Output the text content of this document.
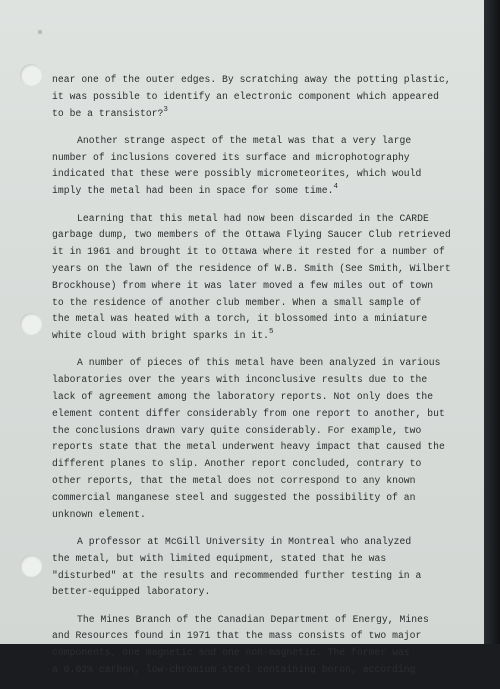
near one of the outer edges. By scratching away the potting plastic,
it was possible to identify an electronic component which appeared
to be a transistor?$^3$
Another strange aspect of the metal was that a very large
number of inclusions covered its surface and microphotography
indicated that these were possibly micrometeorites, which would
imply the metal had been in space for some time.$^4$
Learning that this metal had now been discarded in the CARDE
garbage dump, two members of the Ottawa Flying Saucer Club retrieved
it in 1961 and brought it to Ottawa where it rested for a number of
years on the lawn of the residence of W.B. Smith (See Smith, Wilbert
Brockhouse) from where it was later moved a few miles out of town
to the residence of another club member. When a small sample of
the metal was heated with a torch, it blossomed into a miniature
white cloud with bright sparks in it.$^5$
A number of pieces of this metal have been analyzed in various
laboratories over the years with inconclusive results due to the
lack of agreement among the laboratory reports. Not only does the
element content differ considerably from one report to another, but
the conclusions drawn vary quite considerably. For example, two
reports state that the metal underwent heavy impact that caused the
different planes to slip. Another report concluded, contrary to
other reports, that the metal does not correspond to any known
commercial manganese steel and suggested the possibility of an
unknown element.
A professor at McGill University in Montreal who analyzed
the metal, but with limited equipment, stated that he was
"disturbed" at the results and recommended further testing in a
better-equipped laboratory.
The Mines Branch of the Canadian Department of Energy, Mines
and Resources found in 1971 that the mass consists of two major
components, one magnetic and one non-magnetic. The former was
a 0.02% carbon, low-chromium steel containing boron, according
